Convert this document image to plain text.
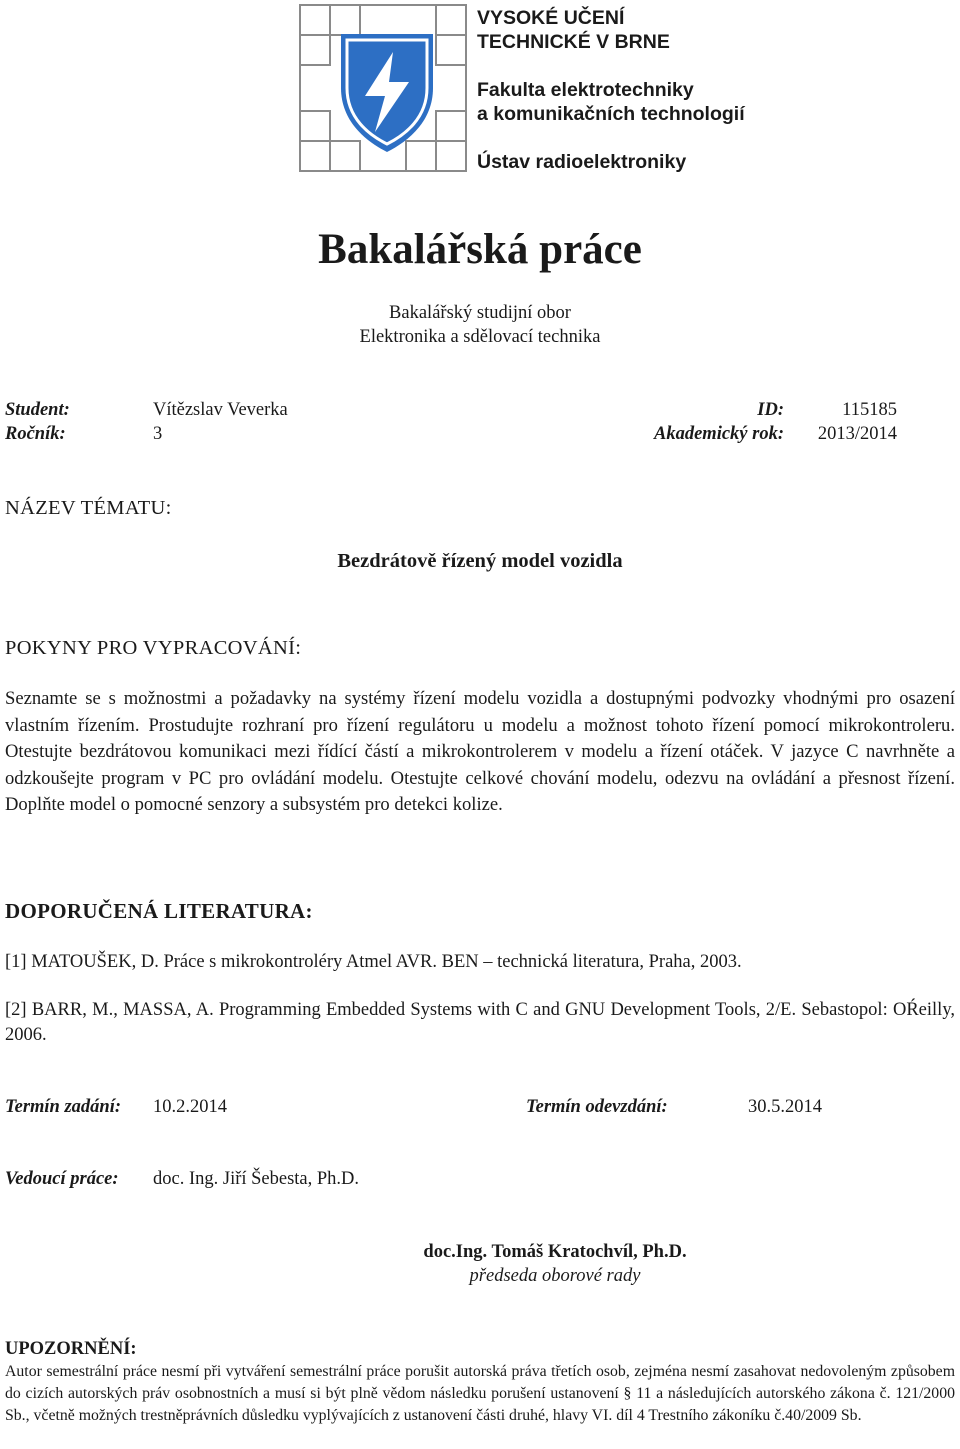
VYSOKÉ UČENÍ
TECHNICKÉ V BRNE
Fakulta elektrotechniky
a komunikačních technologií
Ústav radioelektroniky
Bakalářská práce
Bakalářský studijní obor
Elektronika a sdělovací technika
Student:	Vítězslav Veverka	ID:	115185
Ročník:	3	Akademický rok:	2013/2014
NÁZEV TÉMATU:
Bezdrátově řízený model vozidla
POKYNY PRO VYPRACOVÁNÍ:
Seznamte se s možnostmi a požadavky na systémy řízení modelu vozidla a dostupnými podvozky vhodnými pro osazení vlastním řízením. Prostudujte rozhraní pro řízení regulátoru u modelu a možnost tohoto řízení pomocí mikrokontroleru. Otestujte bezdrátovou komunikaci mezi řídící částí a mikrokontrolerem v modelu a řízení otáček. V jazyce C navrhněte a odzkoušejte program v PC pro ovládání modelu. Otestujte celkové chování modelu, odezvu na ovládání a přesnost řízení. Doplňte model o pomocné senzory a subsystém pro detekci kolize.
DOPORUČENÁ LITERATURA:
[1] MATOUŠEK, D. Práce s mikrokontroléry Atmel AVR. BEN – technická literatura, Praha, 2003.
[2] BARR, M., MASSA, A. Programming Embedded Systems with C and GNU Development Tools, 2/E. Sebastopol: OŔeilly, 2006.
Termín zadání: 10.2.2014	Termín odevzdání:	30.5.2014
Vedoucí práce: doc. Ing. Jiří Šebesta, Ph.D.
doc.Ing. Tomáš Kratochvíl, Ph.D.
předseda oborové rady
UPOZORNĚNÍ:
Autor semestrální práce nesmí při vytváření semestrální práce porušit autorská práva třetích osob, zejména nesmí zasahovat nedovoleným způsobem do cizích autorských práv osobnostních a musí si být plně vědom následku porušení ustanovení § 11 a následujících autorského zákona č. 121/2000 Sb., včetně možných trestněprávních důsledku vyplývajících z ustanovení části druhé, hlavy VI. díl 4 Trestního zákoníku č.40/2009 Sb.
